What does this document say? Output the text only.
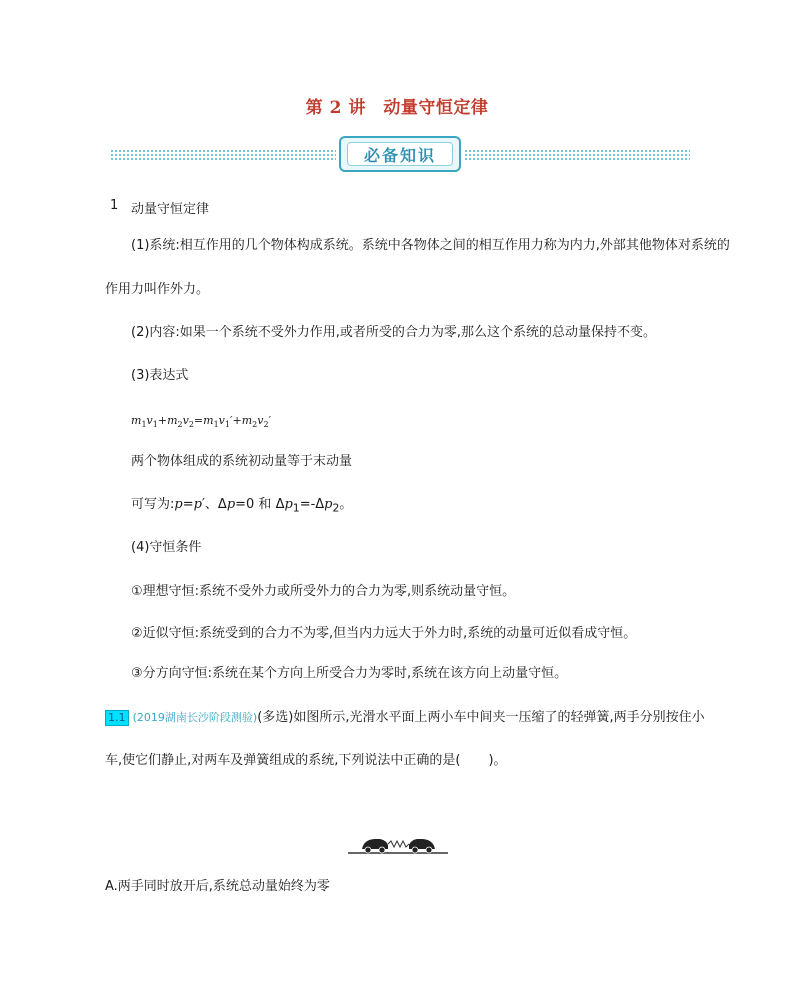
第 2 讲　动量守恒定律
必备知识
1 动量守恒定律
(1)系统:相互作用的几个物体构成系统。系统中各物体之间的相互作用力称为内力,外部其他物体对系统的
作用力叫作外力。
(2)内容:如果一个系统不受外力作用,或者所受的合力为零,那么这个系统的总动量保持不变。
(3)表达式
$m_1v_1+m_2v_2=m_1v_1'+m_2v_2'$
两个物体组成的系统初动量等于末动量
可写为:p=p′、Δp=0 和 $\Delta p_1=-\Delta p_2$。
(4)守恒条件
①理想守恒:系统不受外力或所受外力的合力为零,则系统动量守恒。
②近似守恒:系统受到的合力不为零,但当内力远大于外力时,系统的动量可近似看成守恒。
③分方向守恒:系统在某个方向上所受合力为零时,系统在该方向上动量守恒。
1.1 (2019湖南长沙阶段测验)(多选)如图所示,光滑水平面上两小车中间夹一压缩了的轻弹簧,两手分别按住小
车,使它们静止,对两车及弹簧组成的系统,下列说法中正确的是( )。
A.两手同时放开后,系统总动量始终为零
